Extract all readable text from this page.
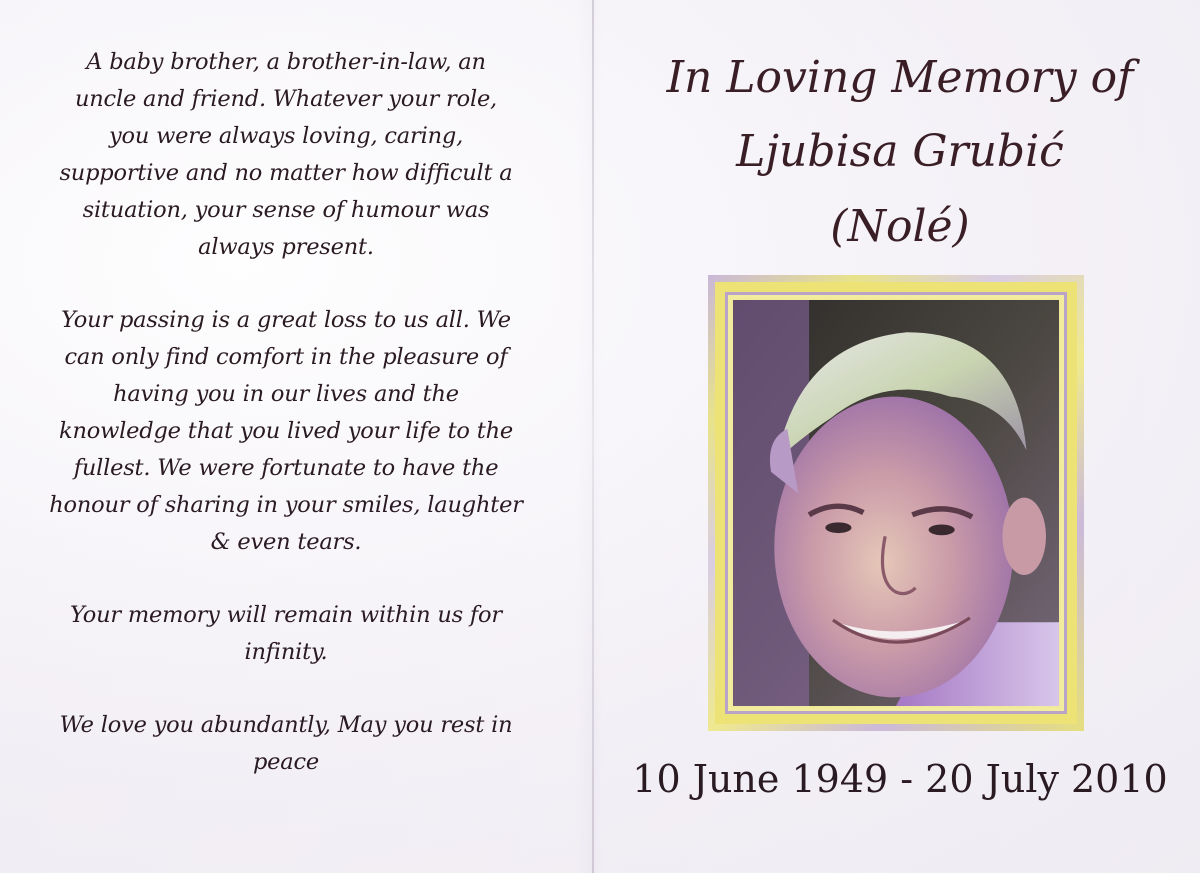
A baby brother, a brother-in-law, an
uncle and friend. Whatever your role,
you were always loving, caring,
supportive and no matter how difficult a
situation, your sense of humour was
always present.
Your passing is a great loss to us all. We
can only find comfort in the pleasure of
having you in our lives and the
knowledge that you lived your life to the
fullest. We were fortunate to have the
honour of sharing in your smiles, laughter
& even tears.
Your memory will remain within us for
infinity.
We love you abundantly, May you rest in
peace
In Loving Memory of
Ljubisa Grubić
(Nolé)
10 June 1949 - 20 July 2010
